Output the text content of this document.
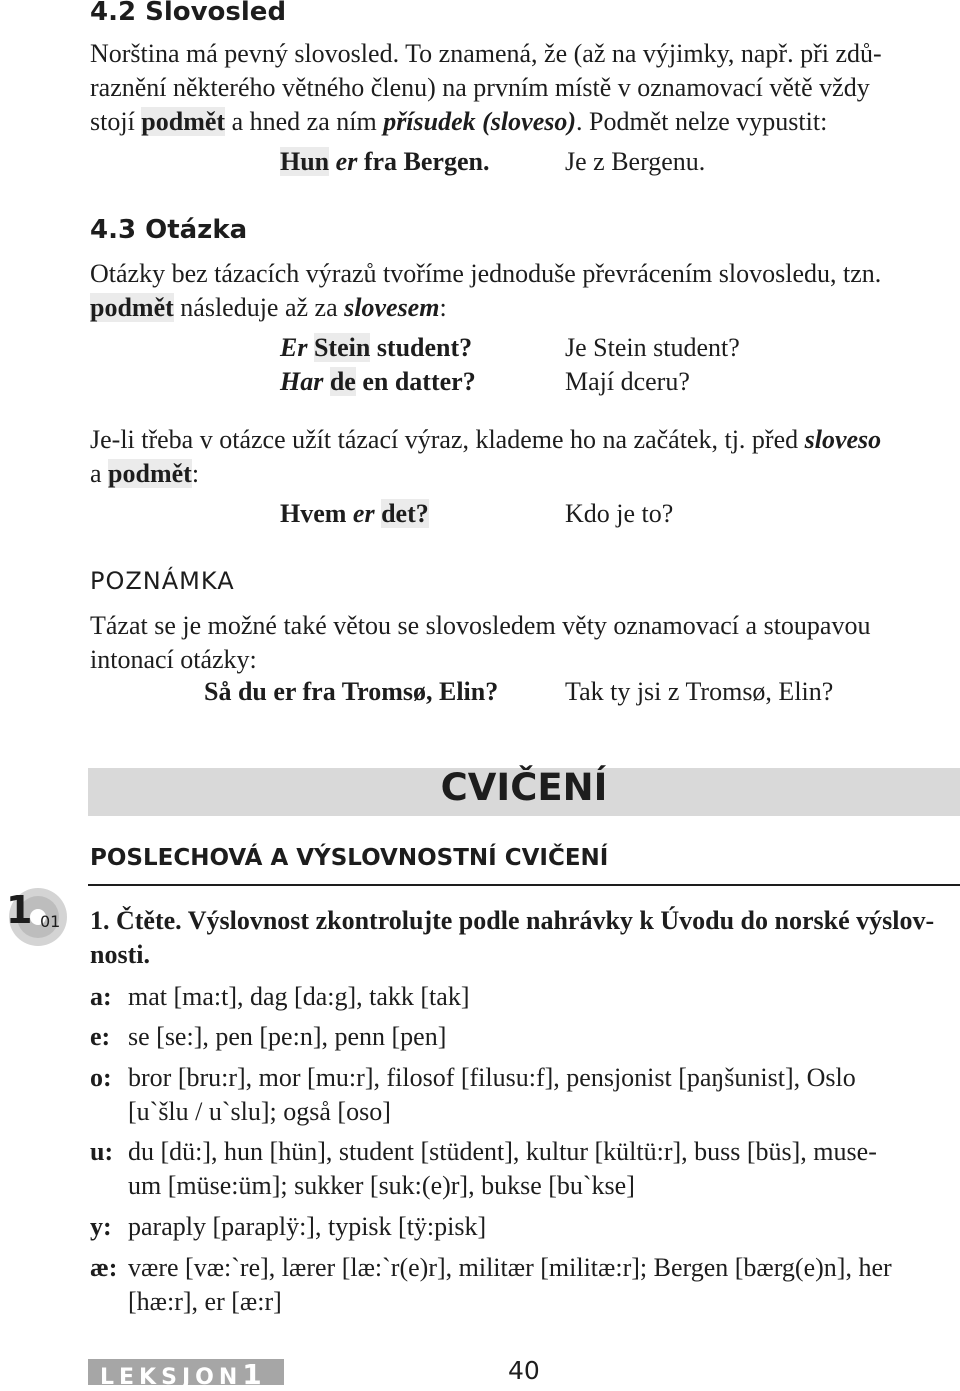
4.2 Slovosled

Norština má pevný slovosled. To znamená, že (až na výjimky, např. při zdů-

raznění některého větného členu) na prvním místě v oznamovací větě vždy

stojí podmět a hned za ním přísudek (sloveso). Podmět nelze vypustit:

Hun er fra Bergen.	Je z Bergenu.
4.3 Otázka

Otázky bez tázacích výrazů tvoříme jednoduše převrácením slovosledu, tzn.

podmět následuje až za slovesem:

Er Stein student?	Je Stein student?
Har de en datter?	Mají dceru?

Je-li třeba v otázce užít tázací výraz, klademe ho na začátek, tj. před sloveso

a podmět:

Hvem er det?	Kdo je to?
POZNÁMKA

Tázat se je možné také větou se slovosledem věty oznamovací a stoupavou

intonací otázky:

Så du er fra Tromsø, Elin?	Tak ty jsi z Tromsø, Elin?
CVIČENÍ
POSLECHOVÁ A VÝSLOVNOSTNÍ CVIČENÍ
1 01 1. Čtěte. Výslovnost zkontrolujte podle nahrávky k Úvodu do norské výslov-

nosti.

a: mat [ma:t], dag [da:g], takk [tak]
e: se [se:], pen [pe:n], penn [pen]
o: bror [bru:r], mor [mu:r], filosof [filusu:f], pensjonist [paŋšunist], Oslo
[u`šlu / u`slu]; også [oso]
u: du [dü:], hun [hün], student [stüdent], kultur [kültü:r], buss [büs], muse-
um [müse:üm]; sukker [suk:(e)r], bukse [bu`kse]
y: paraply [paraplÿ:], typisk [tÿ:pisk]
æ: være [væ:`re], lærer [læ:`r(e)r], militær [militæ:r]; Bergen [bærg(e)n], her
[hæ:r], er [æ:r]
LEKSJON1	40
